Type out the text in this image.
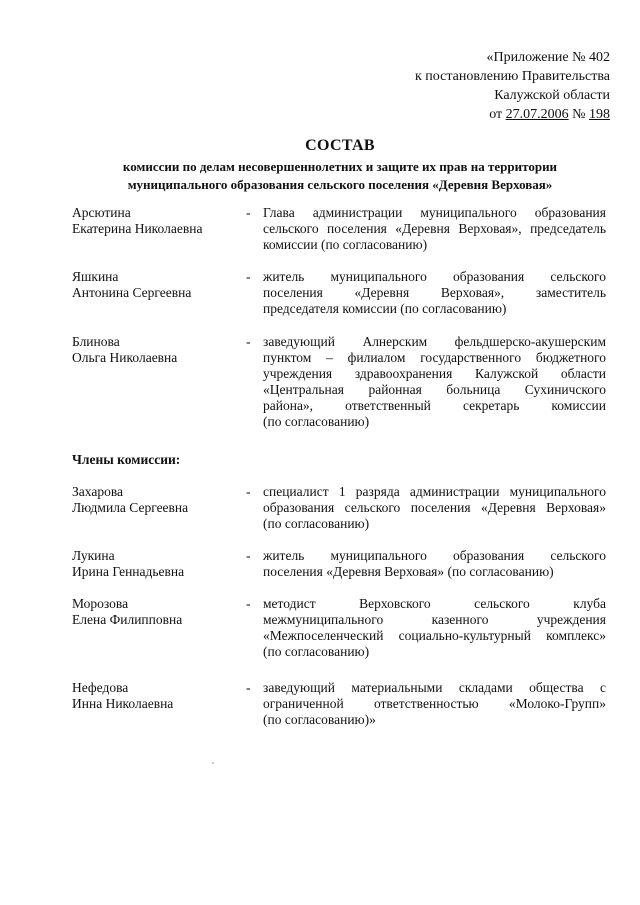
«Приложение № 402
к постановлению Правительства
Калужской области
от 27.07.2006 № 198
СОСТАВ
комиссии по делам несовершеннолетних и защите их прав на территории
муниципального образования сельского поселения «Деревня Верховая»
Арсютина
Екатерина Николаевна
- Глава администрации муниципального образования
сельского поселения «Деревня Верховая», председатель
комиссии (по согласованию)
Яшкина
Антонина Сергеевна
- житель муниципального образования сельского
поселения «Деревня Верховая», заместитель
председателя комиссии (по согласованию)
Блинова
Ольга Николаевна
- заведующий Алнерским фельдшерско-акушерским
пунктом – филиалом государственного бюджетного
учреждения здравоохранения Калужской области
«Центральная районная больница Сухиничского
района», ответственный секретарь комиссии
(по согласованию)
Члены комиссии:
Захарова
Людмила Сергеевна
- специалист 1 разряда администрации муниципального
образования сельского поселения «Деревня Верховая»
(по согласованию)
Лукина
Ирина Геннадьевна
- житель муниципального образования сельского
поселения «Деревня Верховая» (по согласованию)
Морозова
Елена Филипповна
- методист Верховского сельского клуба
межмуниципального казенного учреждения
«Межпоселенческий социально-культурный комплекс»
(по согласованию)
Нефедова
Инна Николаевна
- заведующий материальными складами общества с
ограниченной ответственностью «Молоко-Групп»
(по согласованию)»
